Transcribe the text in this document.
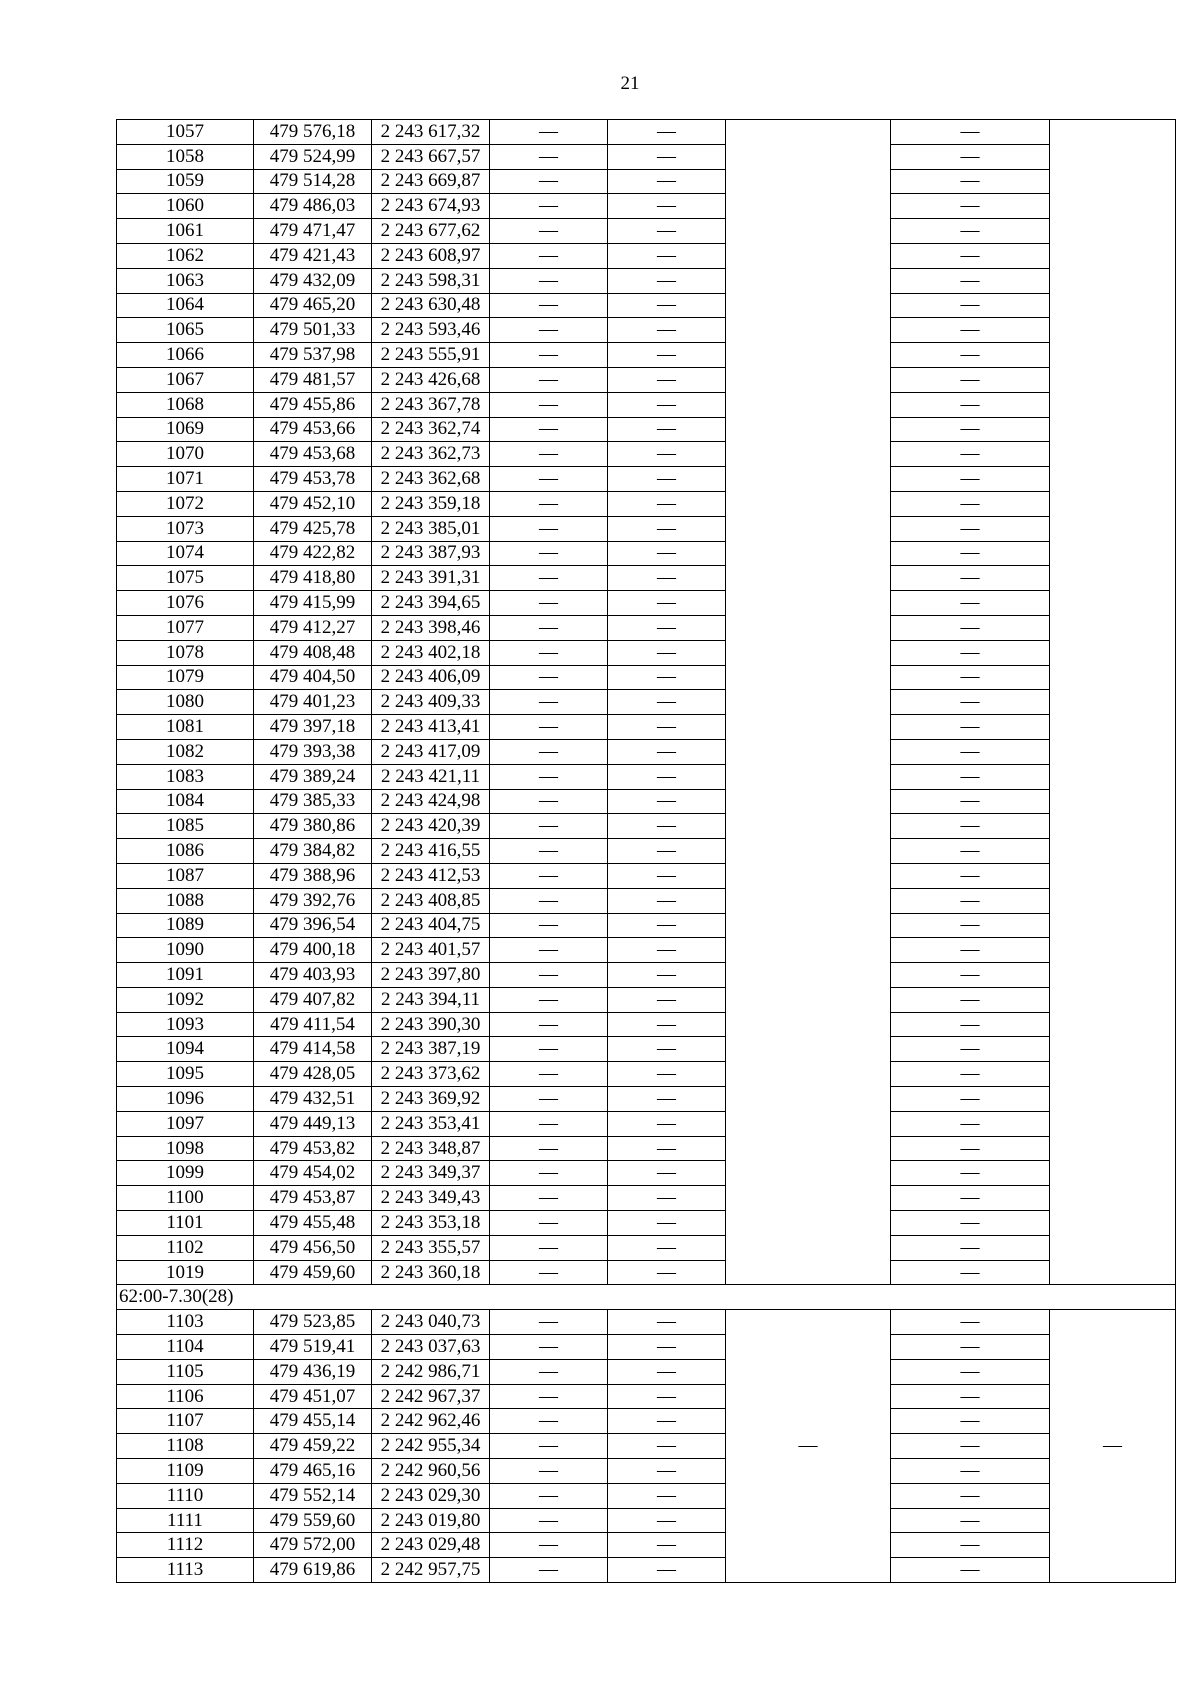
21
1057	479 576,18	2 243 617,32	—	—		—	
1058	479 524,99	2 243 667,57	—	—		—	
1059	479 514,28	2 243 669,87	—	—		—	
1060	479 486,03	2 243 674,93	—	—		—	
1061	479 471,47	2 243 677,62	—	—		—	
1062	479 421,43	2 243 608,97	—	—		—	
1063	479 432,09	2 243 598,31	—	—		—	
1064	479 465,20	2 243 630,48	—	—		—	
1065	479 501,33	2 243 593,46	—	—		—	
1066	479 537,98	2 243 555,91	—	—		—	
1067	479 481,57	2 243 426,68	—	—		—	
1068	479 455,86	2 243 367,78	—	—		—	
1069	479 453,66	2 243 362,74	—	—		—	
1070	479 453,68	2 243 362,73	—	—		—	
1071	479 453,78	2 243 362,68	—	—		—	
1072	479 452,10	2 243 359,18	—	—		—	
1073	479 425,78	2 243 385,01	—	—		—	
1074	479 422,82	2 243 387,93	—	—		—	
1075	479 418,80	2 243 391,31	—	—		—	
1076	479 415,99	2 243 394,65	—	—		—	
1077	479 412,27	2 243 398,46	—	—		—	
1078	479 408,48	2 243 402,18	—	—		—	
1079	479 404,50	2 243 406,09	—	—		—	
1080	479 401,23	2 243 409,33	—	—		—	
1081	479 397,18	2 243 413,41	—	—		—	
1082	479 393,38	2 243 417,09	—	—		—	
1083	479 389,24	2 243 421,11	—	—		—	
1084	479 385,33	2 243 424,98	—	—		—	
1085	479 380,86	2 243 420,39	—	—		—	
1086	479 384,82	2 243 416,55	—	—		—	
1087	479 388,96	2 243 412,53	—	—		—	
1088	479 392,76	2 243 408,85	—	—		—	
1089	479 396,54	2 243 404,75	—	—		—	
1090	479 400,18	2 243 401,57	—	—		—	
1091	479 403,93	2 243 397,80	—	—		—	
1092	479 407,82	2 243 394,11	—	—		—	
1093	479 411,54	2 243 390,30	—	—		—	
1094	479 414,58	2 243 387,19	—	—		—	
1095	479 428,05	2 243 373,62	—	—		—	
1096	479 432,51	2 243 369,92	—	—		—	
1097	479 449,13	2 243 353,41	—	—		—	
1098	479 453,82	2 243 348,87	—	—		—	
1099	479 454,02	2 243 349,37	—	—		—	
1100	479 453,87	2 243 349,43	—	—		—	
1101	479 455,48	2 243 353,18	—	—		—	
1102	479 456,50	2 243 355,57	—	—		—	
1019	479 459,60	2 243 360,18	—	—		—	
62:00-7.30(28)							
1103	479 523,85	2 243 040,73	—	—	—	—	—
1104	479 519,41	2 243 037,63	—	—		—	
1105	479 436,19	2 242 986,71	—	—		—	
1106	479 451,07	2 242 967,37	—	—		—	
1107	479 455,14	2 242 962,46	—	—		—	
1108	479 459,22	2 242 955,34	—	—		—	
1109	479 465,16	2 242 960,56	—	—		—	
1110	479 552,14	2 243 029,30	—	—		—	
1111	479 559,60	2 243 019,80	—	—		—	
1112	479 572,00	2 243 029,48	—	—		—	
1113	479 619,86	2 242 957,75	—	—		—	
